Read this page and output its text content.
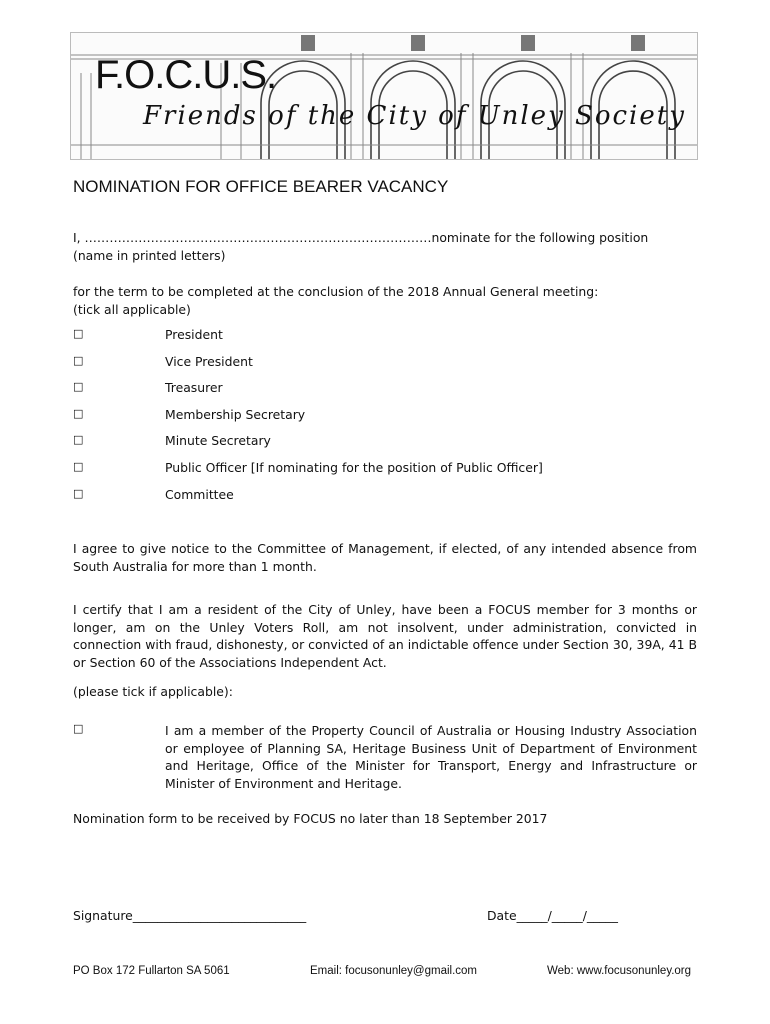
F.O.C.U.S.
Friends of the City of Unley Society
NOMINATION FOR OFFICE BEARER VACANCY

I, …………………………………………………………………………nominate for the following position

(name in printed letters)

for the term to be completed at the conclusion of the 2018 Annual General meeting:

(tick all applicable)

□	President
□	Vice President
□	Treasurer
□	Membership Secretary
□	Minute Secretary
□	Public Officer [If nominating for the position of Public Officer]
□	Committee

I agree to give notice to the Committee of Management, if elected, of any intended absence from South Australia for more than 1 month.

I certify that I am a resident of the City of Unley, have been a FOCUS member for 3 months or longer, am on the Unley Voters Roll, am not insolvent, under administration, convicted in connection with fraud, dishonesty, or convicted of an indictable offence under Section 30, 39A, 41 B or Section 60 of the Associations Independent Act.

(please tick if applicable):

□	I am a member of the Property Council of Australia or Housing Industry Association or employee of Planning SA, Heritage Business Unit of Department of Environment and Heritage, Office of the Minister for Transport, Energy and Infrastructure or Minister of Environment and Heritage.

Nomination form to be received by FOCUS no later than 18 September 2017

Signature____________________________	Date_____/_____/_____

PO Box 172 Fullarton SA 5061	Email: focusonunley@gmail.com	Web: www.focusonunley.org
